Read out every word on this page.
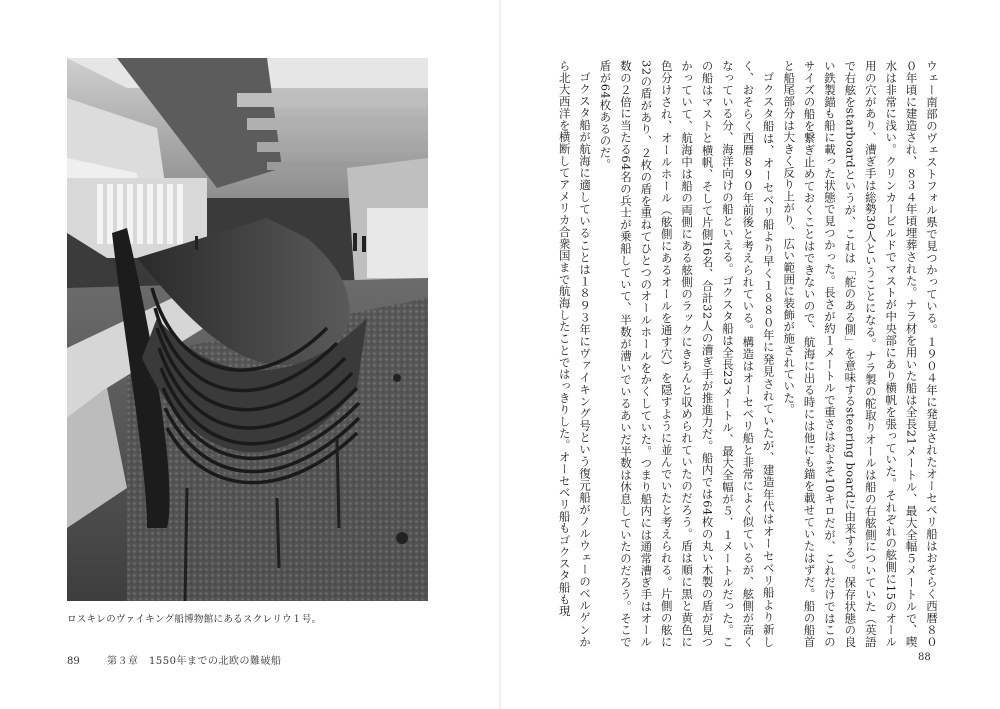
ロスキレのヴァイキング船博物館にあるスクレリウ１号。
89	第３章　1550年までの北欧の難破船

ウェー南部のヴェストフォル県で見つかっている。１９０４年に発見されたオーセベリ船はおそらく西暦８００年頃に建造され、８３４年頃埋葬された。ナラ材を用いた船は全長21メートル、最大全幅５メートルで、喫水は非常に浅い。クリンカービルドでマストが中央部にあり横帆を張っていた。それぞれの舷側に15のオール用の穴があり、漕ぎ手は総勢30人ということになる。ナラ製の舵取りオールは船の右舷側についていた（英語で右舷をstarboardというが、これは「舵のある側」を意味するsteering boardに由来する）。保存状態の良い鉄製錨も船に載った状態で見つかった。長さが約１メートルで重さはおよそ10キロだが、これだけではこのサイズの船を繋ぎ止めておくことはできないので、航海に出る時には他にも錨を載せていたはずだ。船の船首と船尾部分は大きく反り上がり、広い範囲に装飾が施されていた。

ゴクスタ船は、オーセベリ船より早く１８８０年に発見されていたが、建造年代はオーセベリ船より新しく、おそらく西暦８９０年前後と考えられている。構造はオーセベリ船と非常によく似ているが、舷側が高くなっている分、海洋向けの船といえる。ゴクスタ船は全長23メートル、最大全幅が５．１メートルだった。この船はマストと横帆、そして片側16名、合計32人の漕ぎ手が推進力だ。船内では64枚の丸い木製の盾が見つかっていて、航海中は船の両側にある舷側のラックにきちんと収められていたのだろう。盾は順に黒と黄色に色分けされ、オールホール（舷側にあるオールを通す穴）を隠すように並んでいたと考えられる。片側の舷に32の盾があり、２枚の盾を重ねてひとつのオールホールをかくしていた。つまり船内には通常漕ぎ手はオール数の２倍に当たる64名の兵士が乗船していて、半数が漕いでいるあいだ半数は休息していたのだろう。そこで盾が64枚あるのだ。

ゴクスタ船が航海に適していることは１８９３年にヴァイキング号という復元船がノルウェーのベルゲンから北大西洋を横断してアメリカ合衆国まで航海したことではっきりした。オーセベリ船もゴクスタ船も現

88
